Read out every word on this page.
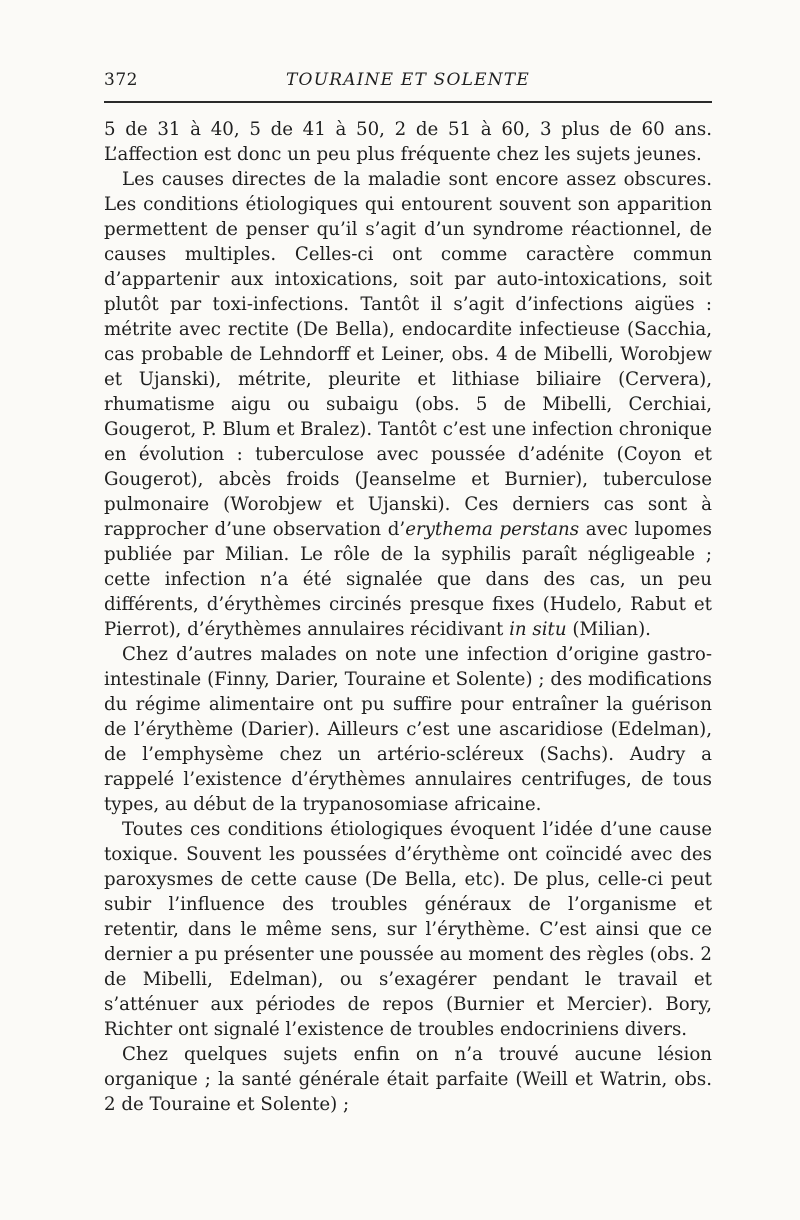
372	TOURAINE ET SOLENTE

5 de 31 à 40, 5 de 41 à 50, 2 de 51 à 60, 3 plus de 60 ans. L’affection est donc un peu plus fréquente chez les sujets jeunes.

Les causes directes de la maladie sont encore assez obscures. Les conditions étiologiques qui entourent souvent son apparition permettent de penser qu’il s’agit d’un syndrome réactionnel, de causes multiples. Celles-ci ont comme caractère commun d’appartenir aux intoxications, soit par auto-intoxications, soit plutôt par toxi-infections. Tantôt il s’agit d’infections aigües : métrite avec rectite (De Bella), endocardite infectieuse (Sacchia, cas probable de Lehndorff et Leiner, obs. 4 de Mibelli, Worobjew et Ujanski), métrite, pleurite et lithiase biliaire (Cervera), rhumatisme aigu ou subaigu (obs. 5 de Mibelli, Cerchiai, Gougerot, P. Blum et Bralez). Tantôt c’est une infection chronique en évolution : tuberculose avec poussée d’adénite (Coyon et Gougerot), abcès froids (Jeanselme et Burnier), tuberculose pulmonaire (Worobjew et Ujanski). Ces derniers cas sont à rapprocher d’une observation d’erythema perstans avec lupomes publiée par Milian. Le rôle de la syphilis paraît négligeable ; cette infection n’a été signalée que dans des cas, un peu différents, d’érythèmes circinés presque fixes (Hudelo, Rabut et Pierrot), d’érythèmes annulaires récidivant in situ (Milian).

Chez d’autres malades on note une infection d’origine gastro-intestinale (Finny, Darier, Touraine et Solente) ; des modifications du régime alimentaire ont pu suffire pour entraîner la guérison de l’érythème (Darier). Ailleurs c’est une ascaridiose (Edelman), de l’emphysème chez un artério-scléreux (Sachs). Audry a rappelé l’existence d’érythèmes annulaires centrifuges, de tous types, au début de la trypanosomiase africaine.

Toutes ces conditions étiologiques évoquent l’idée d’une cause toxique. Souvent les poussées d’érythème ont coïncidé avec des paroxysmes de cette cause (De Bella, etc). De plus, celle-ci peut subir l’influence des troubles généraux de l’organisme et retentir, dans le même sens, sur l’érythème. C’est ainsi que ce dernier a pu présenter une poussée au moment des règles (obs. 2 de Mibelli, Edelman), ou s’exagérer pendant le travail et s’atténuer aux périodes de repos (Burnier et Mercier). Bory, Richter ont signalé l’existence de troubles endocriniens divers.

Chez quelques sujets enfin on n’a trouvé aucune lésion organique ; la santé générale était parfaite (Weill et Watrin, obs. 2 de Touraine et Solente) ;
